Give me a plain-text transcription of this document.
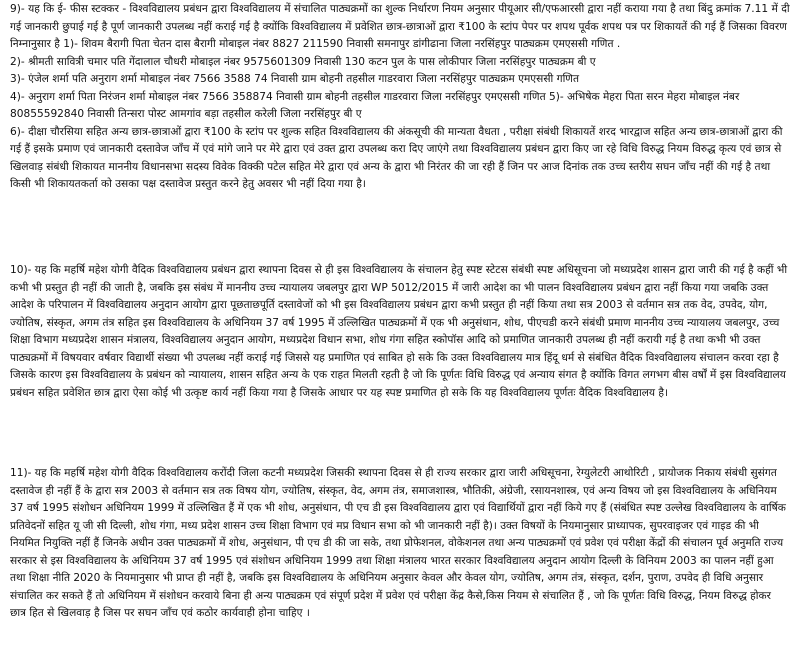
9)- यह कि ई- फीस स्टक्कर - विश्वविद्यालय प्रबंधन द्वारा विश्वविद्यालय में संचालित पाठ्यक्रमों का शुल्क निर्धारण नियम अनुसार पीयूआर सी/एफआरसी द्वारा नहीं कराया गया है तथा बिंदु क्रमांक 7.11 में दी गई जानकारी छुपाई गई है पूर्ण जानकारी उपलब्ध नहीं कराई गई है क्योंकि विश्वविद्यालय में प्रवेशित छात्र-छात्राओं द्वारा ₹100 के स्टांप पेपर पर शपथ पूर्वक शपथ पत्र पर शिकायतें की गई हैं जिसका विवरण निम्नानुसार है 1)- शिवम बैरागी पिता चेतन दास बैरागी मोबाइल नंबर 8827 211590 निवासी समनापुर डांगीढाना जिला नरसिंहपुर पाठ्यक्रम एमएससी गणित .

2)- श्रीमती सावित्री चमार पति गेंदालाल चौधरी मोबाइल नंबर 9575601309 निवासी 130 कटन पुल के पास लोकीपार जिला नरसिंहपुर पाठ्यक्रम बी ए

3)- एंजेल शर्मा पति अनुराग शर्मा मोबाइल नंबर 7566 3588 74 निवासी ग्राम बोहनी तहसील गाडरवारा जिला नरसिंहपुर पाठ्यक्रम एमएससी गणित

4)- अनुराग शर्मा पिता निरंजन शर्मा मोबाइल नंबर 7566 358874 निवासी ग्राम बोहनी तहसील गाडरवारा जिला नरसिंहपुर एमएससी गणित 5)- अभिषेक मेहरा पिता सरन मेहरा मोबाइल नंबर 80855592840 निवासी तिन्सरा पोस्ट आमगांव बड़ा तहसील करेली जिला नरसिंहपुर बी ए

6)- दीक्षा चौरसिया सहित अन्य छात्र-छात्राओं द्वारा ₹100 के स्टांप पर शुल्क सहित विश्वविद्यालय की अंकसूची की मान्यता वैधता , परीक्षा संबंधी शिकायतें शरद भारद्वाज सहित अन्य छात्र-छात्राओं द्वारा की गई हैं इसके प्रमाण एवं जानकारी दस्तावेज जाँच में एवं मांगे जाने पर मेरे द्वारा एवं उक्त द्वारा उपलब्ध करा दिए जाएंगे तथा विश्वविद्यालय प्रबंधन द्वारा किए जा रहे विधि विरुद्ध नियम विरुद्ध कृत्य एवं छात्र से खिलवाड़ संबंधी शिकायत माननीय विधानसभा सदस्य विवेक विक्की पटेल सहित मेरे द्वारा एवं अन्य के द्वारा भी निरंतर की जा रही हैं जिन पर आज दिनांक तक उच्च स्तरीय सघन जाँच नहीं की गई है तथा किसी भी शिकायतकर्ता को उसका पक्ष दस्तावेज प्रस्तुत करने हेतु अवसर भी नहीं दिया गया है।

10)- यह कि महर्षि महेश योगी वैदिक विश्वविद्यालय प्रबंधन द्वारा स्थापना दिवस से ही इस विश्वविद्यालय के संचालन हेतु स्पष्ट स्टेटस संबंधी स्पष्ट अधिसूचना जो मध्यप्रदेश शासन द्वारा जारी की गई है कहीं भी कभी भी प्रस्तुत ही नहीं की जाती है, जबकि इस संबंध में माननीय उच्च न्यायालय जबलपुर द्वारा WP 5012/2015 में जारी आदेश का भी पालन विश्वविद्यालय प्रबंधन द्वारा नहीं किया गया जबकि उक्त आदेश के परिपालन में विश्वविद्यालय अनुदान आयोग द्वारा पूछताछपूर्ति दस्तावेजों को भी इस विश्वविद्यालय प्रबंधन द्वारा कभी प्रस्तुत ही नहीं किया तथा सत्र 2003 से वर्तमान सत्र तक वेद, उपवेद, योग, ज्योतिष, संस्कृत, अगम तंत्र सहित इस विश्वविद्यालय के अधिनियम 37 वर्ष 1995 में उल्लिखित पाठ्यक्रमों में एक भी अनुसंधान, शोध, पीएचडी करने संबंधी प्रमाण माननीय उच्च न्यायालय जबलपुर, उच्च शिक्षा विभाग मध्यप्रदेश शासन मंत्रालय, विश्वविद्यालय अनुदान आयोग, मध्यप्रदेश विधान सभा, शोध गंगा सहित स्कोपॉस आदि को प्रमाणित जानकारी उपलब्ध ही नहीं करायी गई है तथा कभी भी उक्त पाठ्यक्रमों में विषयवार वर्षवार विद्यार्थी संख्या भी उपलब्ध नहीं कराई गई जिससे यह प्रमाणित एवं साबित हो सके कि उक्त विश्वविद्यालय मात्र हिंदू धर्म से संबंधित वैदिक विश्वविद्यालय संचालन करवा रहा है जिसके कारण इस विश्वविद्यालय के प्रबंधन को न्यायालय, शासन सहित अन्य के एक राहत मिलती रहती है जो कि पूर्णतः विधि विरुद्ध एवं अन्याय संगत है क्योंकि विगत लगभग बीस वर्षों में इस विश्वविद्यालय प्रबंधन सहित प्रवेशित छात्र द्वारा ऐसा कोई भी उत्कृष्ट कार्य नहीं किया गया है जिसके आधार पर यह स्पष्ट प्रमाणित हो सके कि यह विश्वविद्यालय पूर्णतः वैदिक विश्वविद्यालय है।

11)- यह कि महर्षि महेश योगी वैदिक विश्वविद्यालय करोंदी जिला कटनी मध्यप्रदेश जिसकी स्थापना दिवस से ही राज्य सरकार द्वारा जारी अधिसूचना, रेग्युलेटरी आथोरिटी , प्रायोजक निकाय संबंधी सुसंगत दस्तावेज ही नहीं हैं के द्वारा सत्र 2003 से वर्तमान सत्र तक विषय योग, ज्योतिष, संस्कृत, वेद, अगम तंत्र, समाजशास्त्र, भौतिकी, अंग्रेजी, रसायनशास्त्र, एवं अन्य विषय जो इस विश्वविद्यालय के अधिनियम 37 वर्ष 1995 संशोधन अधिनियम 1999 में उल्लिखित हैं में एक भी शोध, अनुसंधान, पी एच डी इस विश्वविद्यालय द्वारा एवं विद्यार्थियों द्वारा नहीं किये गए हैं (संबंधित स्पष्ट उल्लेख विश्वविद्यालय के वार्षिक प्रतिवेदनों सहित यू जी सी दिल्ली, शोध गंगा, मध्य प्रदेश शासन उच्च शिक्षा विभाग एवं मप्र विधान सभा को भी जानकारी नहीं है)। उक्त विषयों के नियमानुसार प्राध्यापक, सुपरवाइजर एवं गाइड की भी नियमित नियुक्ति नहीं हैं जिनके अधीन उक्त पाठ्यक्रमों में शोध, अनुसंधान, पी एच डी की जा सके, तथा प्रोफेशनल, वोकेशनल तथा अन्य पाठ्यक्रमों एवं प्रवेश एवं परीक्षा केंद्रों की संचालन पूर्व अनुमति राज्य सरकार से इस विश्वविद्यालय के अधिनियम 37 वर्ष 1995 एवं संशोधन अधिनियम 1999 तथा शिक्षा मंत्रालय भारत सरकार विश्वविद्यालय अनुदान आयोग दिल्ली के विनियम 2003 का पालन नहीं हुआ तथा शिक्षा नीति 2020 के नियमानुसार भी प्राप्त ही नहीं है, जबकि इस विश्वविद्यालय के अधिनियम अनुसार केवल और केवल योग, ज्योतिष, अगम तंत्र, संस्कृत, दर्शन, पुराण, उपवेद ही विधि अनुसार संचालित कर सकते हैं तो अधिनियम में संशोधन करवाये बिना ही अन्य पाठ्यक्रम एवं संपूर्ण प्रदेश में प्रवेश एवं परीक्षा केंद्र कैसे,किस नियम से संचालित हैं , जो कि पूर्णतः विधि विरुद्ध, नियम विरुद्ध होकर छात्र हित से खिलवाड़ है जिस पर सघन जाँच एवं कठोर कार्यवाही होना चाहिए ।
